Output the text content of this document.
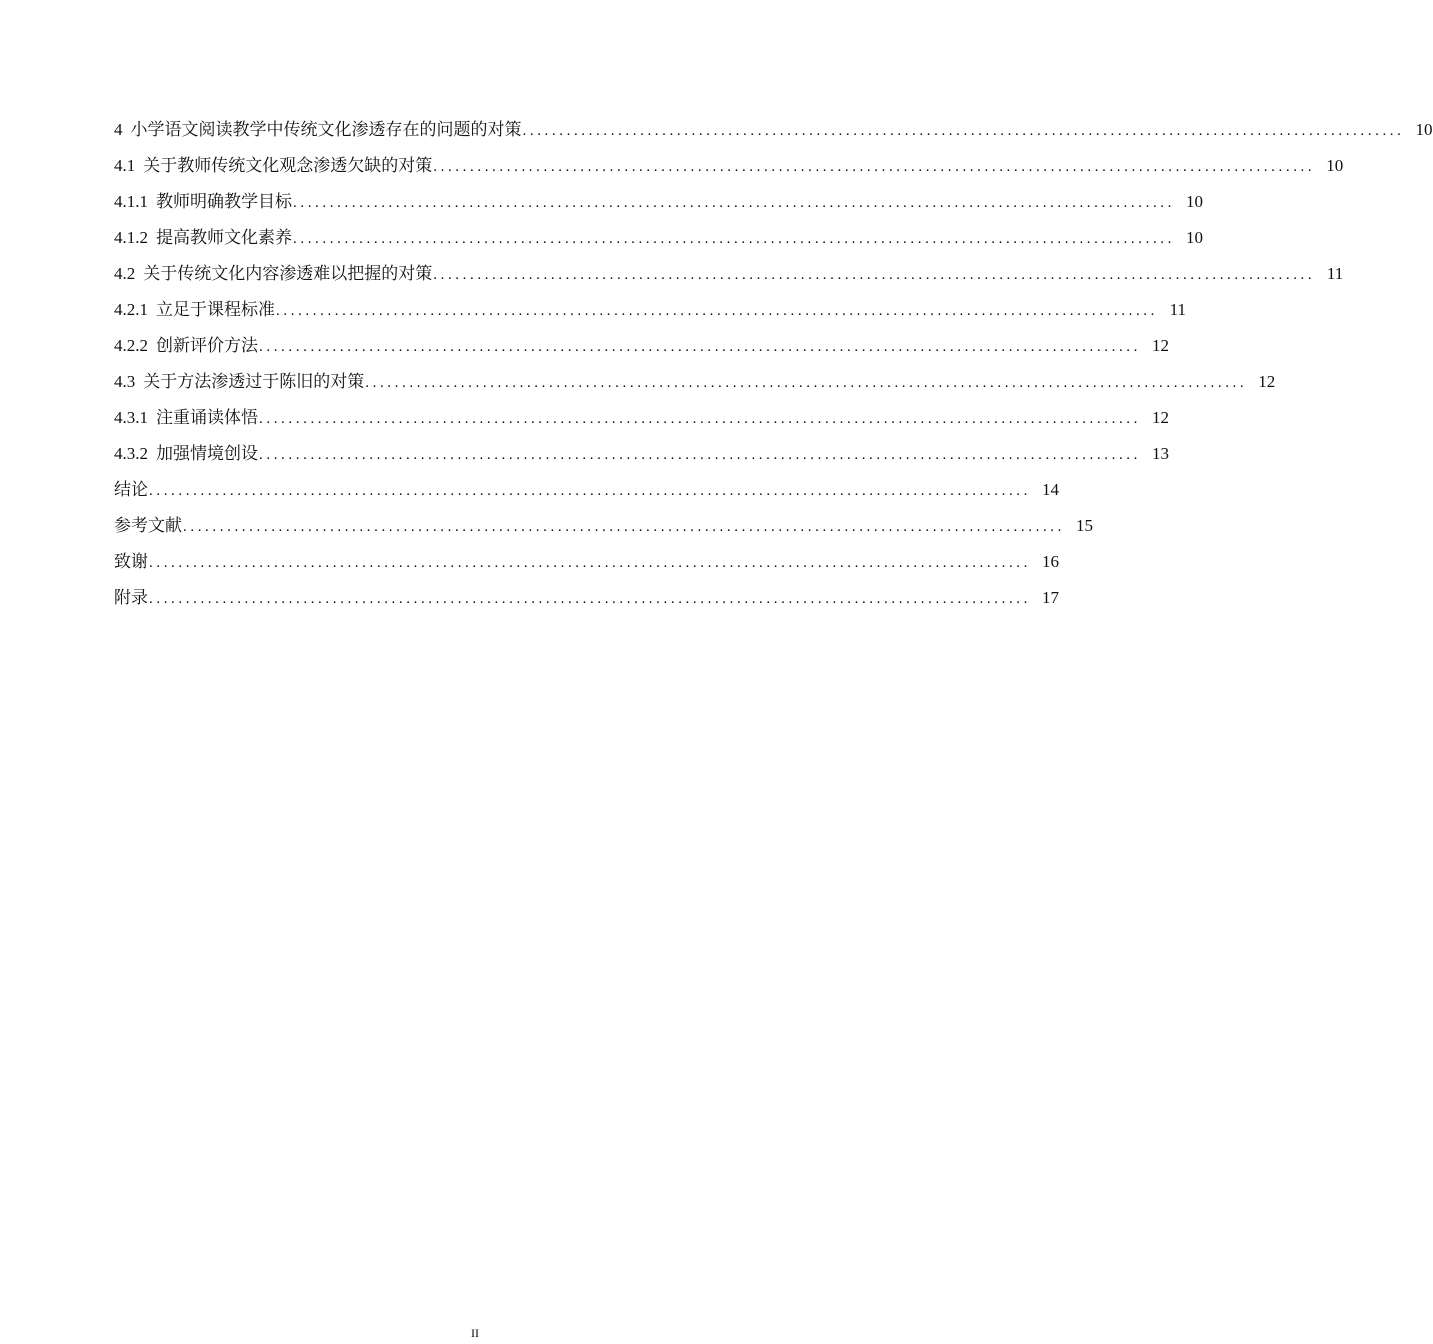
4 小学语文阅读教学中传统文化渗透存在的问题的对策 ........................................................................................................................ 10
4.1 关于教师传统文化观念渗透欠缺的对策 ........................................................................................................................ 10
4.1.1 教师明确教学目标 ........................................................................................................................ 10
4.1.2 提高教师文化素养 ........................................................................................................................ 10
4.2 关于传统文化内容渗透难以把握的对策 ........................................................................................................................ 11
4.2.1 立足于课程标准 ........................................................................................................................ 11
4.2.2 创新评价方法 ........................................................................................................................ 12
4.3 关于方法渗透过于陈旧的对策 ........................................................................................................................ 12
4.3.1 注重诵读体悟 ........................................................................................................................ 12
4.3.2 加强情境创设 ........................................................................................................................ 13
结论 ........................................................................................................................ 14
参考文献 ........................................................................................................................ 15
致谢 ........................................................................................................................ 16
附录 ........................................................................................................................ 17
II
